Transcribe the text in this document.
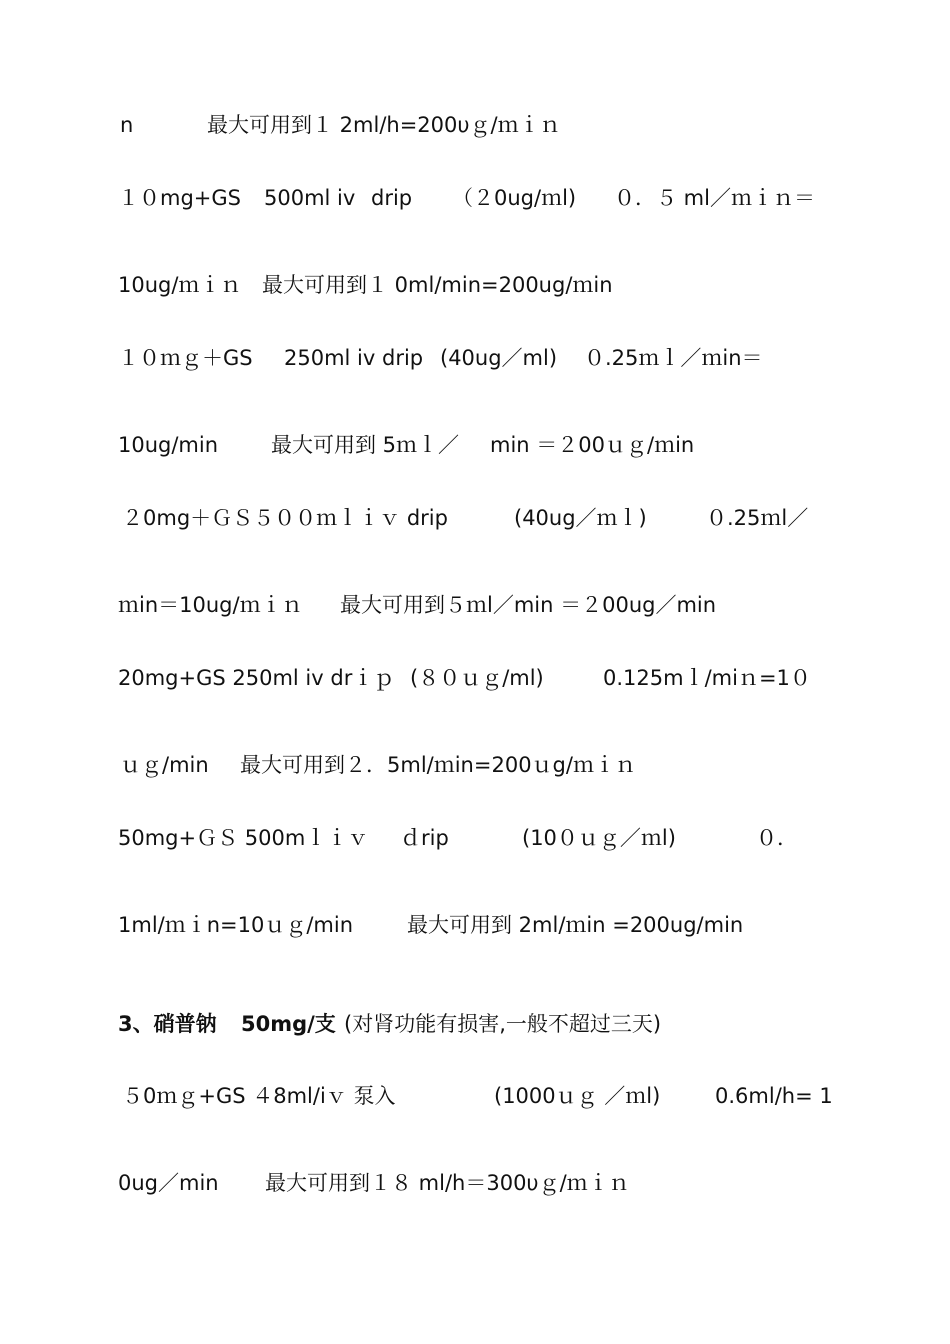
n	最大可用到１ 2ml/h=200υｇ/ｍｉｎ
１０mg+GS 500ml iv drip （２0ug/ｍl) ０．５ ml／ｍｉｎ＝
10ug/ｍｉｎ 最大可用到１ 0ml/min=200ug/ｍin
１０ｍｇ＋GS 250ml iv drip (40ug／ml) ０.25ｍｌ／ｍin＝
10ug/min	最大可用到 5ｍｌ／ min ＝２00ｕｇ/ｍin
２0mg＋ＧＳ５００ｍｌｉｖ drip	(40ug／ｍｌ)	０.25ｍl／
ｍin＝10ug/ｍｉｎ 最大可用到５ｍl／min ＝２00ug／min
20mg+GS 250ml iv drｉｐ (８０ｕｇ/ml)	0.125mｌ/miｎ=1０
ｕｇ/min 最大可用到２．5ml/ｍin=200ｕg/ｍｉｎ
50mg+ＧＳ 500mｌｉｖ ｄrip	(10０ｕｇ／ｍl)	０．
1ml/ｍｉn=10ｕｇ/min	最大可用到 2ml/ｍin =200ug/min
3、硝普钠 50mg/支 (对肾功能有损害,一般不超过三天)
５0ｍｇ+GS ４8ml/iｖ 泵入	(1000ｕｇ ／ｍl)	0.6ml/h= 1
0ug／min 最大可用到１８ ml/h＝300υｇ/ｍｉｎ
